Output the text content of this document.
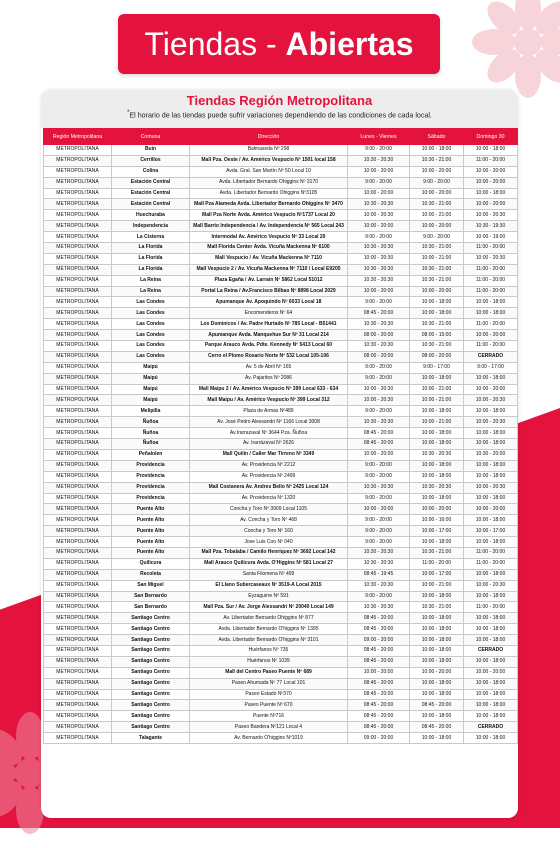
Tiendas - Abiertas
Tiendas Región Metropolitana
*El horario de las tiendas puede sufrir variaciones dependiendo de las condiciones de cada local.
Región Metropolitana	Comuna	Dirección	Lunes - Viernes	Sábado	Domingo 30
METROPOLITANA	Buin	Balmaseda Nº 298	9:00 - 20:00	10:00 - 18:00	10:00 - 18:00
METROPOLITANA	Cerrillos	Mall Pza. Oeste / Av. Américo Vespucio Nº 1501 local 158	10:30 - 20:30	10:30 - 21:00	11:00 - 20:00
METROPOLITANA	Colina	Avda. Gral. San Martín Nº 50 Local 10	10:00 - 20:00	10:00 - 20:00	10:00 - 20:00
METROPOLITANA	Estación Central	Avda. Libertador Bernardo Ohiggins Nº 3170	9:00 - 20:00	9:00 - 20:00	10:00 - 20:00
METROPOLITANA	Estación Central	Avda. Libertador Bernardo Ohiggins Nº3105	10:00 - 20:00	10:00 - 20:00	10:00 - 18:00
METROPOLITANA	Estación Central	Mall Pza Alameda Avda. Libertador Bernardo Ohiggins Nº 3470	10:30 - 20:30	10:30 - 21:00	10:00 - 20:00
METROPOLITANA	Huechuraba	Mall Pza Norte Avda. Américo Vespucio Nº1737 Local 20	10:00 - 20:30	10:00 - 21:00	10:00 - 20:30
METROPOLITANA	Independencia	Mall Barrio Independencia / Av. Independencia Nº 565 Local 243	10:00 - 20:00	10:00 - 20:00	10:30 - 19:30
METROPOLITANA	La Cisterna	Intermodal Av. Américo Vespucio Nº 33 Local 20	9:00 - 20:00	9:00 - 20:00	10:00 - 19:00
METROPOLITANA	La Florida	Mall Florida Center Avda. Vicuña Mackenna Nº 6100	10:30 - 20:30	10:30 - 21:00	11:00 - 20:00
METROPOLITANA	La Florida	Mall Vespucio / Av. Vicuña Mackenna Nº 7110	10:00 - 20:30	10:00 - 21:00	10:00 - 20:30
METROPOLITANA	La Florida	Mall Vespucio 2 / Av. Vicuña Mackenna Nº 7110 / Local E9205	10:30 - 20:30	10:30 - 21:00	11:00 - 20:00
METROPOLITANA	La Reina	Plaza Egaña / Av. Larraín Nº 5862 Local 51012	10:30 - 20:30	10:30 - 21:00	11:00 - 20:00
METROPOLITANA	La Reina	Portal La Reina / Av.Francisco Bilbao Nº 8898 Local 2029	10:00 - 20:00	10:00 - 20:00	11:00 - 20:00
METROPOLITANA	Las Condes	Apumanque Av. Apoquindo Nº 6033 Local 18	9:00 - 20:00	10:00 - 18:00	10:00 - 18:00
METROPOLITANA	Las Condes	Encomenderos Nº 64	08:45 - 20:00	10:00 - 18:00	10:00 - 18:00
METROPOLITANA	Las Condes	Los Dominicos / Av. Padre Hurtado Nº 785 Local - B51441	10:30 - 20:30	10:30 - 21:00	11:00 - 20:00
METROPOLITANA	Las Condes	Apumanque Avda. Manquehue Sur Nº 31 Local 214	08:00 - 20:00	08:00 - 15:00	10:00 - 20:00
METROPOLITANA	Las Condes	Parque Arauco Avda. Pdte. Kennedy Nº 5413 Local 60	10:30 - 20:30	10:30 - 21:00	11:00 - 20:00
METROPOLITANA	Las Condes	Cerro el Plomo Rosario Norte Nº 532 Local 105-106	08:00 - 20:00	08:00 - 20:00	CERRADO
METROPOLITANA	Maipú	Av. 5 de Abril Nº 165	9:00 - 20:00	9:00 - 17:00	9:00 - 17:00
METROPOLITANA	Maipú	Av. Pajaritos Nº 2086	9:00 - 20:00	10:00 - 18:00	10:00 - 18:00
METROPOLITANA	Maipú	Mall Maipu 2 / Av. Américo Vespucio Nº 399 Local 633 - 634	10:00 - 20:30	10:00 - 21:00	10:00 - 20:00
METROPOLITANA	Maipú	Mall Maipu / Av. Américo Vespucio Nº 399 Local 312	10:00 - 20:30	10:00 - 21:00	10:00 - 20:30
METROPOLITANA	Melipilla	Plaza de Armas Nº489	9:00 - 20:00	10:00 - 18:00	10:00 - 18:00
METROPOLITANA	Ñuñoa	Av. José Pedro Alessandri Nº 1166 Local 3008	10:30 - 20:30	10:00 - 21:00	10:00 - 20:30
METROPOLITANA	Ñuñoa	Av.Irarrazaval Nº 3644 Pza. Ñuñoa	08:45 - 20:00	10:00 - 18:00	10:00 - 18:00
METROPOLITANA	Ñuñoa	Av. Irarrázaval Nº 2626	08:45 - 20:00	10:00 - 18:00	10:00 - 18:00
METROPOLITANA	Peñalolen	Mall Quilín / Caller Mar Tirreno Nº 3349	10:00 - 20:00	10:30 - 20:30	10:30 - 20:00
METROPOLITANA	Providencia	Av. Providencia Nº 2212	9:00 - 20:00	10:00 - 18:00	10:00 - 18:00
METROPOLITANA	Providencia	Av. Providencia Nº 2499	9:00 - 20:00	10:00 - 18:00	10:00 - 18:00
METROPOLITANA	Providencia	Mall Costanera Av. Andres Bello Nº 2425 Local 124	10:30 - 20:30	10:30 - 20:30	10:00 - 20:30
METROPOLITANA	Providencia	Av. Providencia Nº 1320	9:00 - 20:00	10:00 - 18:00	10:00 - 18:00
METROPOLITANA	Puente Alto	Concha y Toro Nº 3909 Local 1105	10:00 - 20:00	10:00 - 20:00	10:00 - 20:00
METROPOLITANA	Puente Alto	Av. Concha y Toro Nº 468	9:00 - 20:00	10:00 - 16:00	10:00 - 18:00
METROPOLITANA	Puente Alto	Concha y Toro Nº 160	9:00 - 20:00	10:00 - 17:00	10:00 - 17:00
METROPOLITANA	Puente Alto	Jose Luis Coo Nº 040	9:00 - 20:00	10:00 - 18:00	10:00 - 18:00
METROPOLITANA	Puente Alto	Mall Pza. Tobalaba / Camilo Henríquez Nº 3692 Local 142	10:30 - 20:30	10:30 - 21:00	11:00 - 20:00
METROPOLITANA	Quilicura	Mall Arauco Quilicura Avda. O'Higgins Nº 581 Local 27	10:30 - 20:30	11:00 - 20:00	11:00 - 20:00
METROPOLITANA	Recoleta	Santa Filomena Nº 499	08:45 - 19:45	10:00 - 17:00	10:00 - 18:00
METROPOLITANA	San Miguel	El Llano Subercaseaux Nº 3519-A Local 2015	10:30 - 20:30	10:00 - 21:00	10:00 - 20:30
METROPOLITANA	San Bernardo	Eyzaguirre Nº 591	9:00 - 20:00	10:00 - 18:00	10:00 - 18:00
METROPOLITANA	San Bernardo	Mall Pza. Sur / Av. Jorge Alessandri Nº 20040 Local 149	10:30 - 20:30	10:30 - 21:00	11:00 - 20:00
METROPOLITANA	Santiago Centro	Av. Libertador Bernardo Ohiggins Nº 877	08:45 - 20:00	10:00 - 18:00	10:00 - 18:00
METROPOLITANA	Santiago Centro	Avda. Libertador Bernardo O'higgins Nº 1395	08:45 - 20:00	10:00 - 18:00	10:00 - 18:00
METROPOLITANA	Santiago Centro	Avda. Libertador Bernardo O'higgins Nº 3101	09:00 - 20:00	10:00 - 18:00	10:00 - 18:00
METROPOLITANA	Santiago Centro	Huérfanos Nº 735	08:45 - 20:00	10:00 - 18:00	CERRADO
METROPOLITANA	Santiago Centro	Huérfanos Nº 1039	08:45 - 20:00	10:00 - 18:00	10:00 - 18:00
METROPOLITANA	Santiago Centro	Mall del Centro Paseo Puente Nº 689	10:00 - 20:00	10:00 - 20:00	10:00 - 20:00
METROPOLITANA	Santiago Centro	Paseo Ahumada Nº 77 Local 101	08:45 - 20:00	10:00 - 18:00	10:00 - 18:00
METROPOLITANA	Santiago Centro	Paseo Estado Nº370	08:45 - 20:00	10:00 - 18:00	10:00 - 18:00
METROPOLITANA	Santiago Centro	Paseo Puente Nº 670	08:45 - 20:00	08:45 - 20:00	10:00 - 18:00
METROPOLITANA	Santiago Centro	Puente Nº716	08:45 - 20:00	10:00 - 18:00	10:00 - 18:00
METROPOLITANA	Santiago Centro	Paseo Bandera Nº121 Local 4	08:45 - 20:00	08:45 - 20:00	CERRADO
METROPOLITANA	Talagante	Av. Bernardo O'higgins Nº1019	09:00 - 20:00	10:00 - 18:00	10:00 - 18:00
